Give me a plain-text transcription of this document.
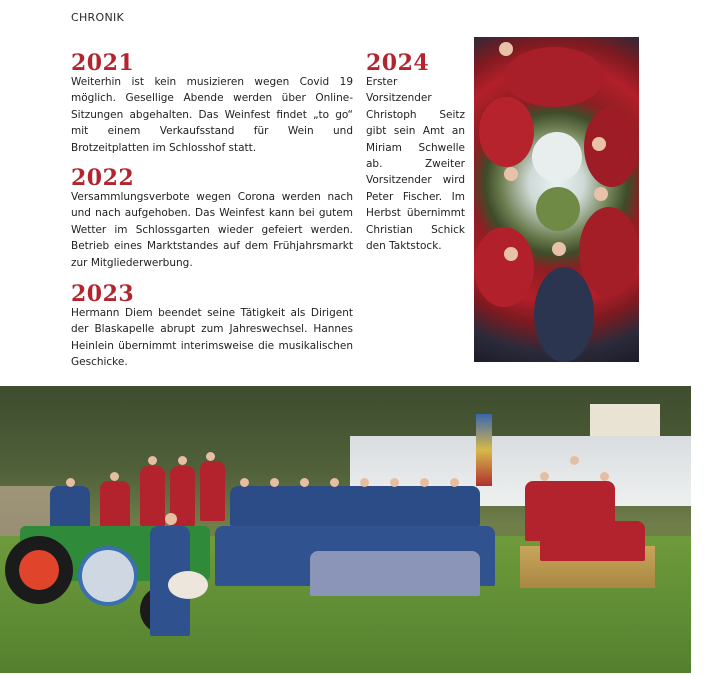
CHRONIK
2021
Weiterhin ist kein musizieren wegen Covid 19 möglich. Gesellige Abende werden über Online-Sitzungen abgehalten. Das Weinfest findet „to go“ mit einem Verkaufsstand für Wein und Brotzeitplatten im Schlosshof statt.
2022
Versammlungsverbote wegen Corona werden nach und nach aufgehoben. Das Weinfest kann bei gutem Wetter im Schlossgarten wieder gefeiert werden. Betrieb eines Marktstandes auf dem Frühjahrsmarkt zur Mitgliederwerbung.
2023
Hermann Diem beendet seine Tätigkeit als Dirigent der Blaskapelle abrupt zum Jahreswechsel. Hannes Heinlein übernimmt interimsweise die musikalischen Geschicke.
2024
Erster Vorsitzender Christoph Seitz gibt sein Amt an Miriam Schwelle ab. Zweiter Vorsitzender wird Peter Fischer. Im Herbst übernimmt Christian Schick den Taktstock.
